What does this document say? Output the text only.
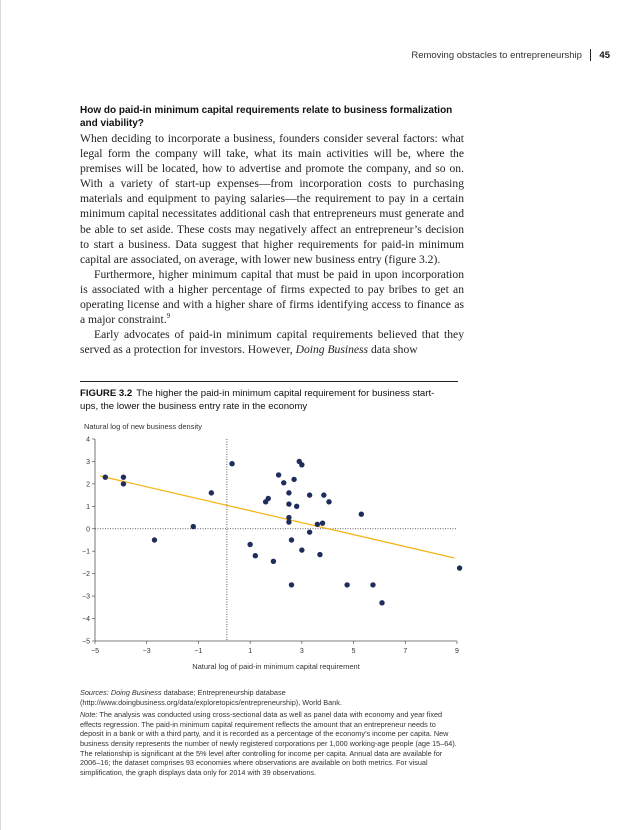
Removing obstacles to entrepreneurship 45
How do paid-in minimum capital requirements relate to business formalization and viability?

When deciding to incorporate a business, founders consider several factors: what legal form the company will take, what its main activities will be, where the premises will be located, how to advertise and promote the company, and so on. With a variety of start-up expenses—from incorporation costs to purchasing materials and equipment to paying salaries—the requirement to pay in a certain minimum capital necessitates additional cash that entrepreneurs must generate and be able to set aside. These costs may negatively affect an entrepreneur’s decision to start a business. Data suggest that higher requirements for paid-in minimum capital are associated, on average, with lower new business entry (figure 3.2).

Furthermore, higher minimum capital that must be paid in upon incorporation is associated with a higher percentage of firms expected to pay bribes to get an operating license and with a higher share of firms identifying access to finance as a major constraint.$^9$

Early advocates of paid-in minimum capital requirements believed that they served as a protection for investors. However, Doing Business data show

FIGURE 3.2 The higher the paid-in minimum capital requirement for business start-ups, the lower the business entry rate in the economy
Natural log of new business density
4
3
2
1
0
−1
−2
−3
−4
−5
−5	−3	−1	1	3	5	7	9
Natural log of paid-in minimum capital requirement

Sources: Doing Business database; Entrepreneurship database (http://www.doingbusiness.org/data/exploretopics/entrepreneurship), World Bank.

Note: The analysis was conducted using cross-sectional data as well as panel data with economy and year fixed effects regression. The paid-in minimum capital requirement reflects the amount that an entrepreneur needs to deposit in a bank or with a third party, and it is recorded as a percentage of the economy’s income per capita. New business density represents the number of newly registered corporations per 1,000 working-age people (age 15–64). The relationship is significant at the 5% level after controlling for income per capita. Annual data are available for 2006–16; the dataset comprises 93 economies where observations are available on both metrics. For visual simplification, the graph displays data only for 2014 with 39 observations.
